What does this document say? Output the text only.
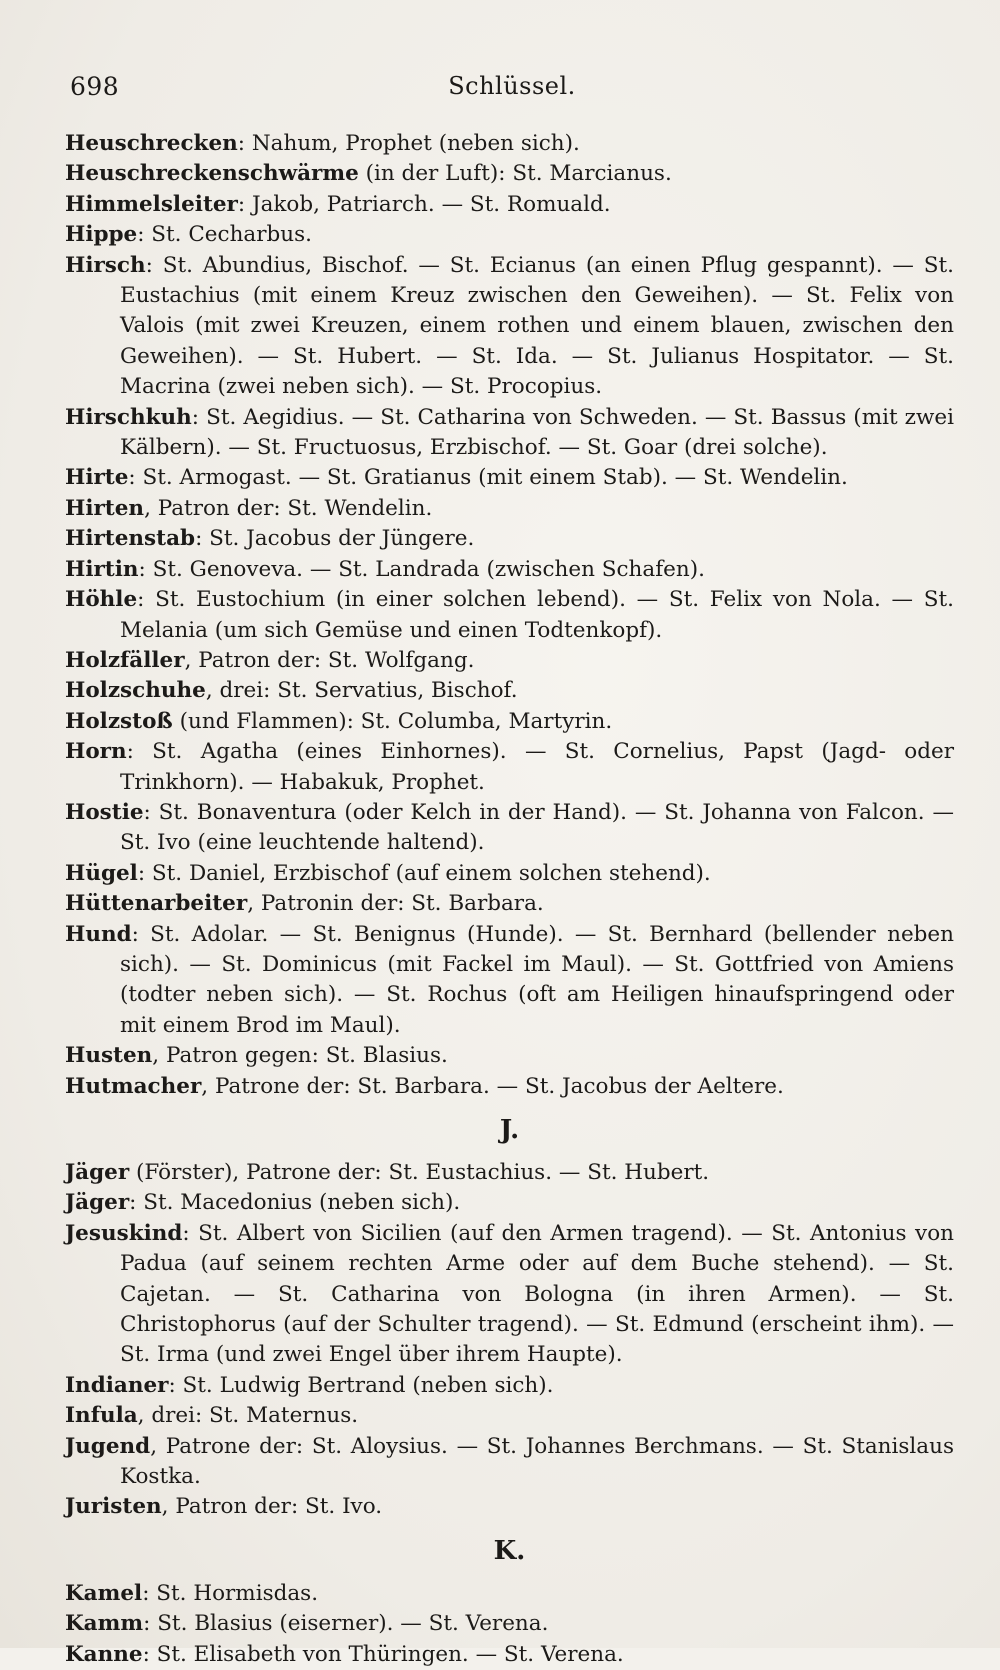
698	Schlüssel.

Heuschrecken: Nahum, Prophet (neben sich).

Heuschreckenschwärme (in der Luft): St. Marcianus.

Himmelsleiter: Jakob, Patriarch. — St. Romuald.

Hippe: St. Cecharbus.

Hirsch: St. Abundius, Bischof. — St. Ecianus (an einen Pflug gespannt). — St. Eustachius (mit einem Kreuz zwischen den Geweihen). — St. Felix von Valois (mit zwei Kreuzen, einem rothen und einem blauen, zwischen den Geweihen). — St. Hubert. — St. Ida. — St. Julianus Hospitator. — St. Macrina (zwei neben sich). — St. Procopius.

Hirschkuh: St. Aegidius. — St. Catharina von Schweden. — St. Bassus (mit zwei Kälbern). — St. Fructuosus, Erzbischof. — St. Goar (drei solche).

Hirte: St. Armogast. — St. Gratianus (mit einem Stab). — St. Wendelin.

Hirten, Patron der: St. Wendelin.

Hirtenstab: St. Jacobus der Jüngere.

Hirtin: St. Genoveva. — St. Landrada (zwischen Schafen).

Höhle: St. Eustochium (in einer solchen lebend). — St. Felix von Nola. — St. Melania (um sich Gemüse und einen Todtenkopf).

Holzfäller, Patron der: St. Wolfgang.

Holzschuhe, drei: St. Servatius, Bischof.

Holzstoß (und Flammen): St. Columba, Martyrin.

Horn: St. Agatha (eines Einhornes). — St. Cornelius, Papst (Jagd- oder Trinkhorn). — Habakuk, Prophet.

Hostie: St. Bonaventura (oder Kelch in der Hand). — St. Johanna von Falcon. — St. Ivo (eine leuchtende haltend).

Hügel: St. Daniel, Erzbischof (auf einem solchen stehend).

Hüttenarbeiter, Patronin der: St. Barbara.

Hund: St. Adolar. — St. Benignus (Hunde). — St. Bernhard (bellender neben sich). — St. Dominicus (mit Fackel im Maul). — St. Gottfried von Amiens (todter neben sich). — St. Rochus (oft am Heiligen hinaufspringend oder mit einem Brod im Maul).

Husten, Patron gegen: St. Blasius.

Hutmacher, Patrone der: St. Barbara. — St. Jacobus der Aeltere.

J.

Jäger (Förster), Patrone der: St. Eustachius. — St. Hubert.

Jäger: St. Macedonius (neben sich).

Jesuskind: St. Albert von Sicilien (auf den Armen tragend). — St. Antonius von Padua (auf seinem rechten Arme oder auf dem Buche stehend). — St. Cajetan. — St. Catharina von Bologna (in ihren Armen). — St. Christophorus (auf der Schulter tragend). — St. Edmund (erscheint ihm). — St. Irma (und zwei Engel über ihrem Haupte).

Indianer: St. Ludwig Bertrand (neben sich).

Infula, drei: St. Maternus.

Jugend, Patrone der: St. Aloysius. — St. Johannes Berchmans. — St. Stanislaus Kostka.

Juristen, Patron der: St. Ivo.

K.

Kamel: St. Hormisdas.

Kamm: St. Blasius (eiserner). — St. Verena.

Kanne: St. Elisabeth von Thüringen. — St. Verena.
